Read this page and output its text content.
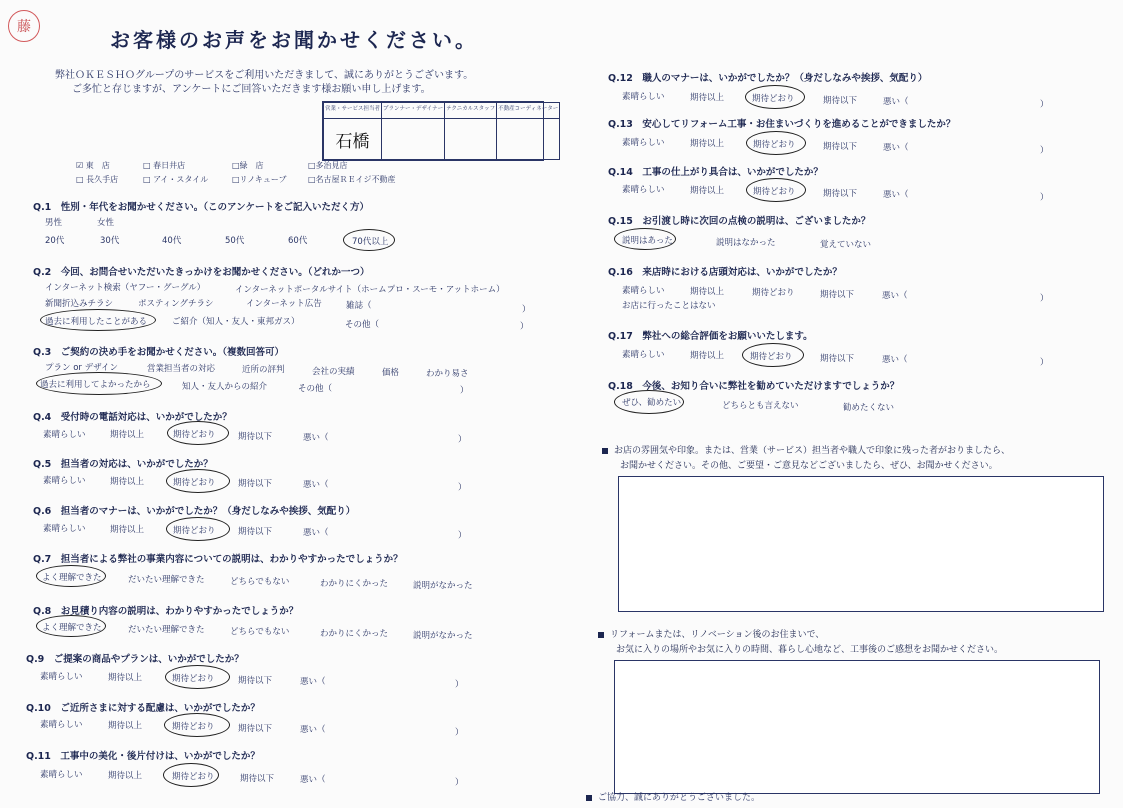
藤
お客様のお声をお聞かせください。
弊社ＯＫＥＳＨＯグループのサービスをご利用いただきまして、誠にありがとうございます。
ご多忙と存じますが、アンケートにご回答いただきます様お願い申し上げます。
営業・サービス担当者	プランナー・デザイナー	テクニカルスタッフ	不動産コーディネーター
石橋			
☑ 東　店	□ 春日井店	□緑　店	□多治見店
□ 長久手店	□ アイ・スタイル	□リノキューブ	□名古屋ＲＥイジ不動産
Q.1　性別・年代をお聞かせください。（このアンケートをご記入いただく方）
男性	女性
20代	30代	40代	50代	60代	70代以上
Q.2　今回、お問合せいただいたきっかけをお聞かせください。（どれか一つ）
インターネット検索（ヤフー・グーグル）	インターネットポータルサイト（ホームプロ・スーモ・アットホーム）
新聞折込みチラシ	ポスティングチラシ	インターネット広告	雑誌（	）
過去に利用したことがある	ご紹介（知人・友人・東邦ガス）	その他（	）
Q.3　ご契約の決め手をお聞かせください。（複数回答可）
プラン or デザイン	営業担当者の対応	近所の評判	会社の実績	価格	わかり易さ
過去に利用してよかったから	知人・友人からの紹介	その他（	）
Q.4　受付時の電話対応は、いかがでしたか？
素晴らしい	期待以上	期待どおり	期待以下	悪い（	）
Q.5　担当者の対応は、いかがでしたか？
素晴らしい	期待以上	期待どおり	期待以下	悪い（	）
Q.6　担当者のマナーは、いかがでしたか？（身だしなみや挨拶、気配り）
素晴らしい	期待以上	期待どおり	期待以下	悪い（	）
Q.7　担当者による弊社の事業内容についての説明は、わかりやすかったでしょうか？
よく理解できた	だいたい理解できた	どちらでもない	わかりにくかった	説明がなかった
Q.8　お見積り内容の説明は、わかりやすかったでしょうか？
よく理解できた	だいたい理解できた	どちらでもない	わかりにくかった	説明がなかった
Q.9　ご提案の商品やプランは、いかがでしたか？
素晴らしい	期待以上	期待どおり	期待以下	悪い（	）
Q.10　ご近所さまに対する配慮は、いかがでしたか？
素晴らしい	期待以上	期待どおり	期待以下	悪い（	）
Q.11　工事中の美化・後片付けは、いかがでしたか？
素晴らしい	期待以上	期待どおり	期待以下	悪い（	）
Q.12　職人のマナーは、いかがでしたか？（身だしなみや挨拶、気配り）
素晴らしい	期待以上	期待どおり	期待以下	悪い（	）
Q.13　安心してリフォーム工事・お住まいづくりを進めることができましたか？
素晴らしい	期待以上	期待どおり	期待以下	悪い（	）
Q.14　工事の仕上がり具合は、いかがでしたか？
素晴らしい	期待以上	期待どおり	期待以下	悪い（	）
Q.15　お引渡し時に次回の点検の説明は、ございましたか？
説明はあった	説明はなかった	覚えていない
Q.16　来店時における店頭対応は、いかがでしたか？
素晴らしい	期待以上	期待どおり	期待以下	悪い（	）
お店に行ったことはない
Q.17　弊社への総合評価をお願いいたします。
素晴らしい	期待以上	期待どおり	期待以下	悪い（	）
Q.18　今後、お知り合いに弊社を勧めていただけますでしょうか？
ぜひ、勧めたい	どちらとも言えない	勧めたくない
お店の雰囲気や印象。または、営業（サービス）担当者や職人で印象に残った者がおりましたら、
お聞かせください。その他、ご要望・ご意見などございましたら、ぜひ、お聞かせください。
リフォームまたは、リノベーション後のお住まいで、
お気に入りの場所やお気に入りの時間、暮らし心地など、工事後のご感想をお聞かせください。
ご協力、誠にありがとうございました。
